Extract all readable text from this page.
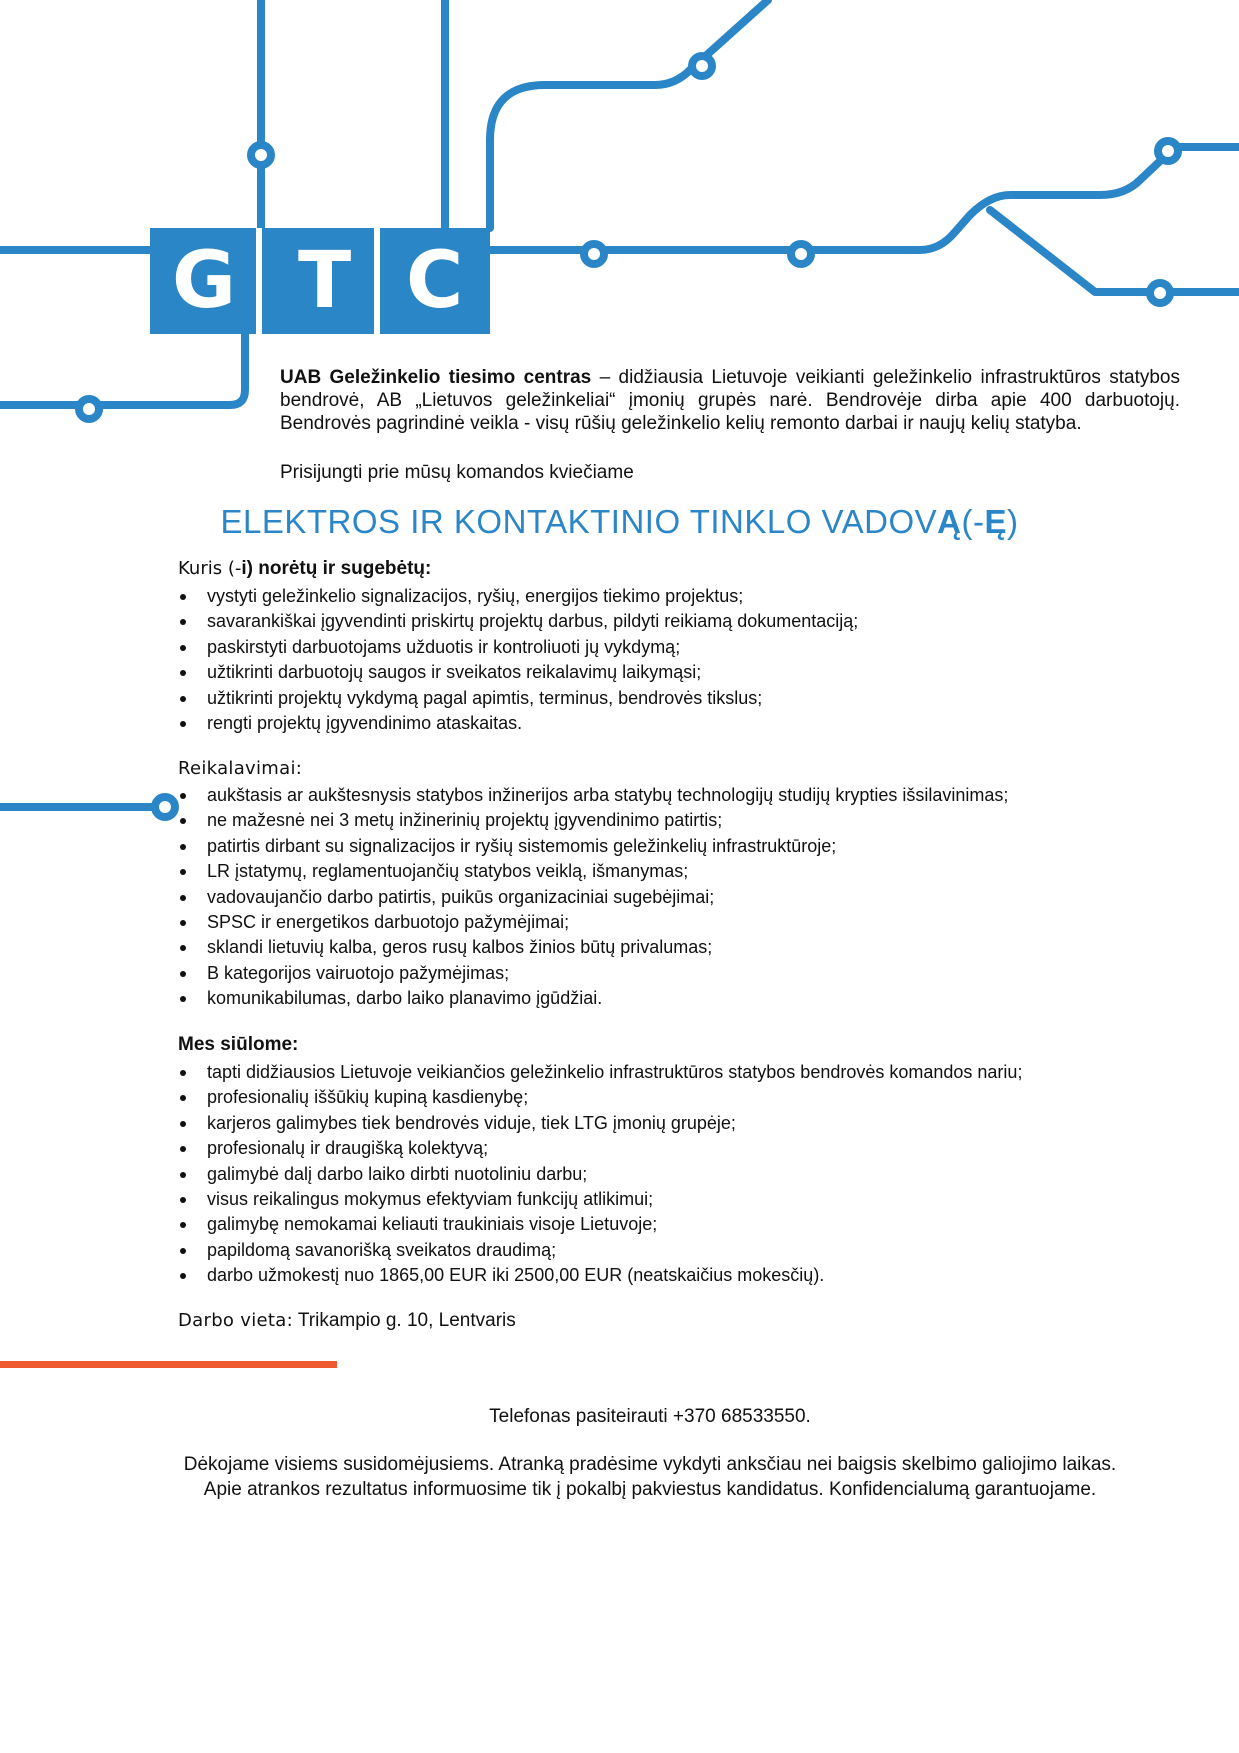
G T C
UAB Geležinkelio tiesimo centras – didžiausia Lietuvoje veikianti geležinkelio infrastruktūros statybos bendrovė, AB „Lietuvos geležinkeliai“ įmonių grupės narė. Bendrovėje dirba apie 400 darbuotojų. Bendrovės pagrindinė veikla - visų rūšių geležinkelio kelių remonto darbai ir naujų kelių statyba.
Prisijungti prie mūsų komandos kviečiame
ELEKTROS IR KONTAKTINIO TINKLO VADOVĄ(-Ę)
Kuris (-i) norėtų ir sugebėtų:
vystyti geležinkelio signalizacijos, ryšių, energijos tiekimo projektus;
savarankiškai įgyvendinti priskirtų projektų darbus, pildyti reikiamą dokumentaciją;
paskirstyti darbuotojams užduotis ir kontroliuoti jų vykdymą;
užtikrinti darbuotojų saugos ir sveikatos reikalavimų laikymąsi;
užtikrinti projektų vykdymą pagal apimtis, terminus, bendrovės tikslus;
rengti projektų įgyvendinimo ataskaitas.
Reikalavimai:
aukštasis ar aukštesnysis statybos inžinerijos arba statybų technologijų studijų krypties išsilavinimas;
ne mažesnė nei 3 metų inžinerinių projektų įgyvendinimo patirtis;
patirtis dirbant su signalizacijos ir ryšių sistemomis geležinkelių infrastruktūroje;
LR įstatymų, reglamentuojančių statybos veiklą, išmanymas;
vadovaujančio darbo patirtis, puikūs organizaciniai sugebėjimai;
SPSC ir energetikos darbuotojo pažymėjimai;
sklandi lietuvių kalba, geros rusų kalbos žinios būtų privalumas;
B kategorijos vairuotojo pažymėjimas;
komunikabilumas, darbo laiko planavimo įgūdžiai.
Mes siūlome:
tapti didžiausios Lietuvoje veikiančios geležinkelio infrastruktūros statybos bendrovės komandos nariu;
profesionalių iššūkių kupiną kasdienybę;
karjeros galimybes tiek bendrovės viduje, tiek LTG įmonių grupėje;
profesionalų ir draugišką kolektyvą;
galimybė dalį darbo laiko dirbti nuotoliniu darbu;
visus reikalingus mokymus efektyviam funkcijų atlikimui;
galimybę nemokamai keliauti traukiniais visoje Lietuvoje;
papildomą savanorišką sveikatos draudimą;
darbo užmokestį nuo 1865,00 EUR iki 2500,00 EUR (neatskaičius mokesčių).
Darbo vieta: Trikampio g. 10, Lentvaris
Telefonas pasiteirauti +370 68533550.
Dėkojame visiems susidomėjusiems. Atranką pradėsime vykdyti anksčiau nei baigsis skelbimo galiojimo laikas.
Apie atrankos rezultatus informuosime tik į pokalbį pakviestus kandidatus. Konfidencialumą garantuojame.
